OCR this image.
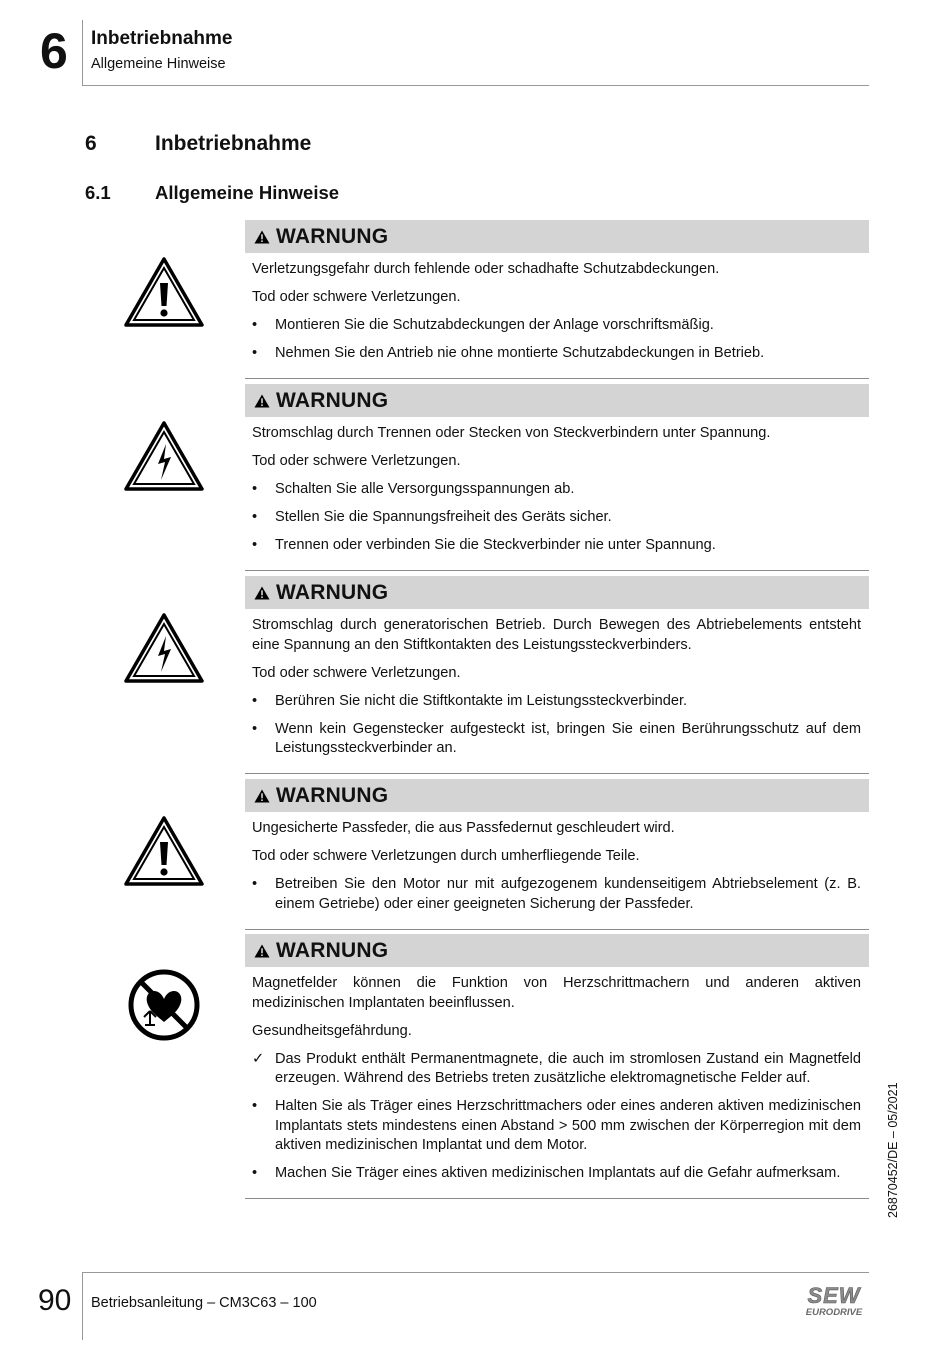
6 Inbetriebnahme
Allgemeine Hinweise
6	Inbetriebnahme
6.1 Allgemeine Hinweise
WARNUNG

Verletzungsgefahr durch fehlende oder schadhafte Schutzabdeckungen.

Tod oder schwere Verletzungen.

•	Montieren Sie die Schutzabdeckungen der Anlage vorschriftsmäßig.
•	Nehmen Sie den Antrieb nie ohne montierte Schutzabdeckungen in Betrieb.
WARNUNG

Stromschlag durch Trennen oder Stecken von Steckverbindern unter Spannung.

Tod oder schwere Verletzungen.

•	Schalten Sie alle Versorgungsspannungen ab.
•	Stellen Sie die Spannungsfreiheit des Geräts sicher.
•	Trennen oder verbinden Sie die Steckverbinder nie unter Spannung.
WARNUNG

Stromschlag durch generatorischen Betrieb. Durch Bewegen des Abtriebelements entsteht eine Spannung an den Stiftkontakten des Leistungssteckverbinders.

Tod oder schwere Verletzungen.

•	Berühren Sie nicht die Stiftkontakte im Leistungssteckverbinder.
•	Wenn kein Gegenstecker aufgesteckt ist, bringen Sie einen Berührungsschutz auf dem Leistungssteckverbinder an.
WARNUNG

Ungesicherte Passfeder, die aus Passfedernut geschleudert wird.

Tod oder schwere Verletzungen durch umherfliegende Teile.

•	Betreiben Sie den Motor nur mit aufgezogenem kundenseitigem Abtriebselement (z. B. einem Getriebe) oder einer geeigneten Sicherung der Passfeder.
WARNUNG

Magnetfelder können die Funktion von Herzschrittmachern und anderen aktiven medizinischen Implantaten beeinflussen.

Gesundheitsgefährdung.

✓ Das Produkt enthält Permanentmagnete, die auch im stromlosen Zustand ein Magnetfeld erzeugen. Während des Betriebs treten zusätzliche elektromagnetische Felder auf.
•	Halten Sie als Träger eines Herzschrittmachers oder eines anderen aktiven medizinischen Implantats stets mindestens einen Abstand > 500 mm zwischen der Körperregion mit dem aktiven medizinischen Implantat und dem Motor.
•	Machen Sie Träger eines aktiven medizinischen Implantats auf die Gefahr aufmerksam.	26870452/DE – 05/2021
90 Betriebsanleitung – CM3C63 – 100	SEW
EURODRIVE
